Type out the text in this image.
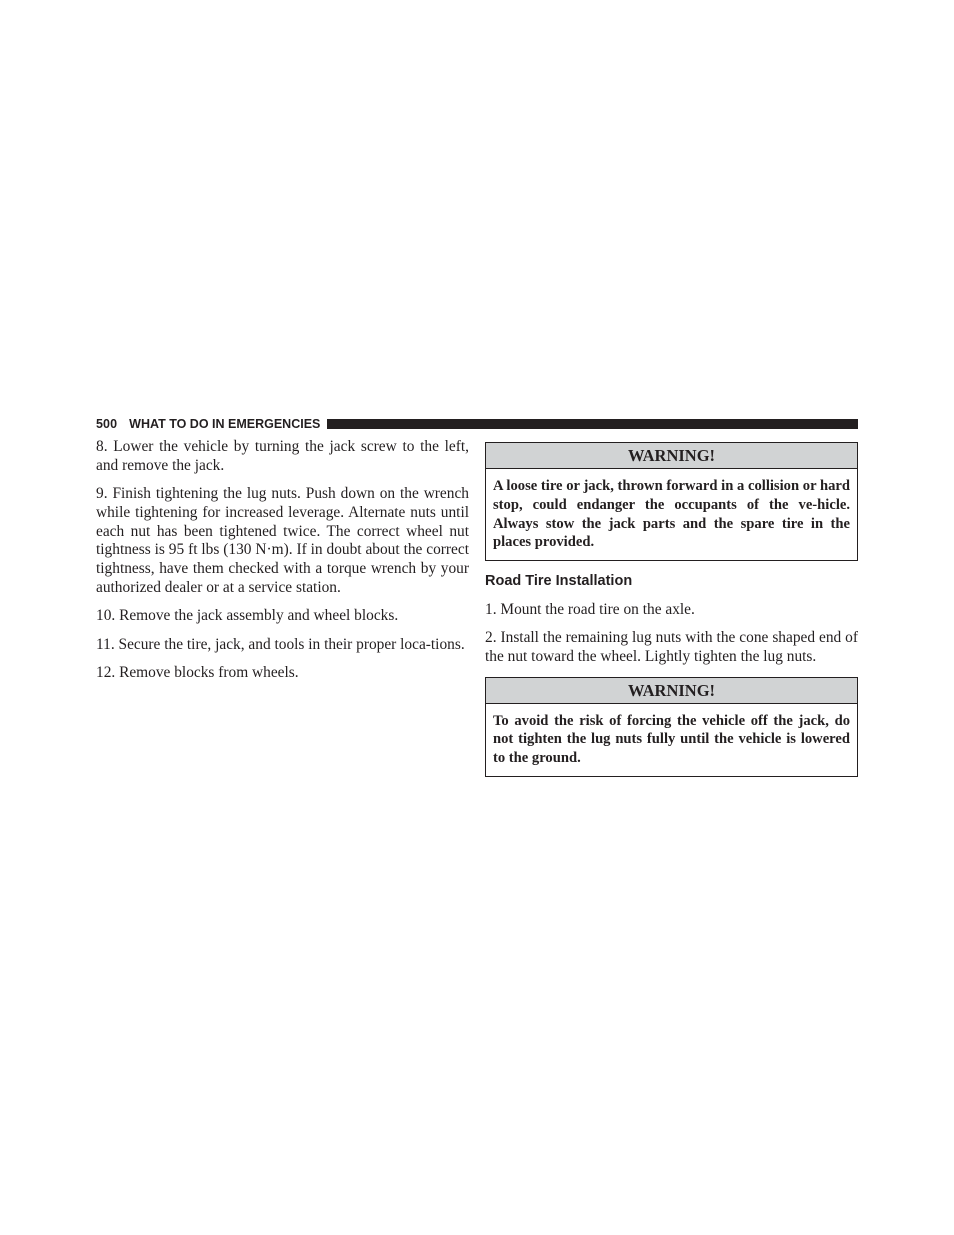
500 WHAT TO DO IN EMERGENCIES

8. Lower the vehicle by turning the jack screw to the left, and remove the jack.

9. Finish tightening the lug nuts. Push down on the wrench while tightening for increased leverage. Alternate nuts until each nut has been tightened twice. The correct wheel nut tightness is 95 ft lbs (130 N·m). If in doubt about the correct tightness, have them checked with a torque wrench by your authorized dealer or at a service station.

10. Remove the jack assembly and wheel blocks.

11. Secure the tire, jack, and tools in their proper loca-tions.

12. Remove blocks from wheels.

WARNING!
A loose tire or jack, thrown forward in a collision or hard stop, could endanger the occupants of the ve-hicle. Always stow the jack parts and the spare tire in the places provided.
Road Tire Installation

1. Mount the road tire on the axle.

2. Install the remaining lug nuts with the cone shaped end of the nut toward the wheel. Lightly tighten the lug nuts.

WARNING!
To avoid the risk of forcing the vehicle off the jack, do not tighten the lug nuts fully until the vehicle is lowered to the ground.
